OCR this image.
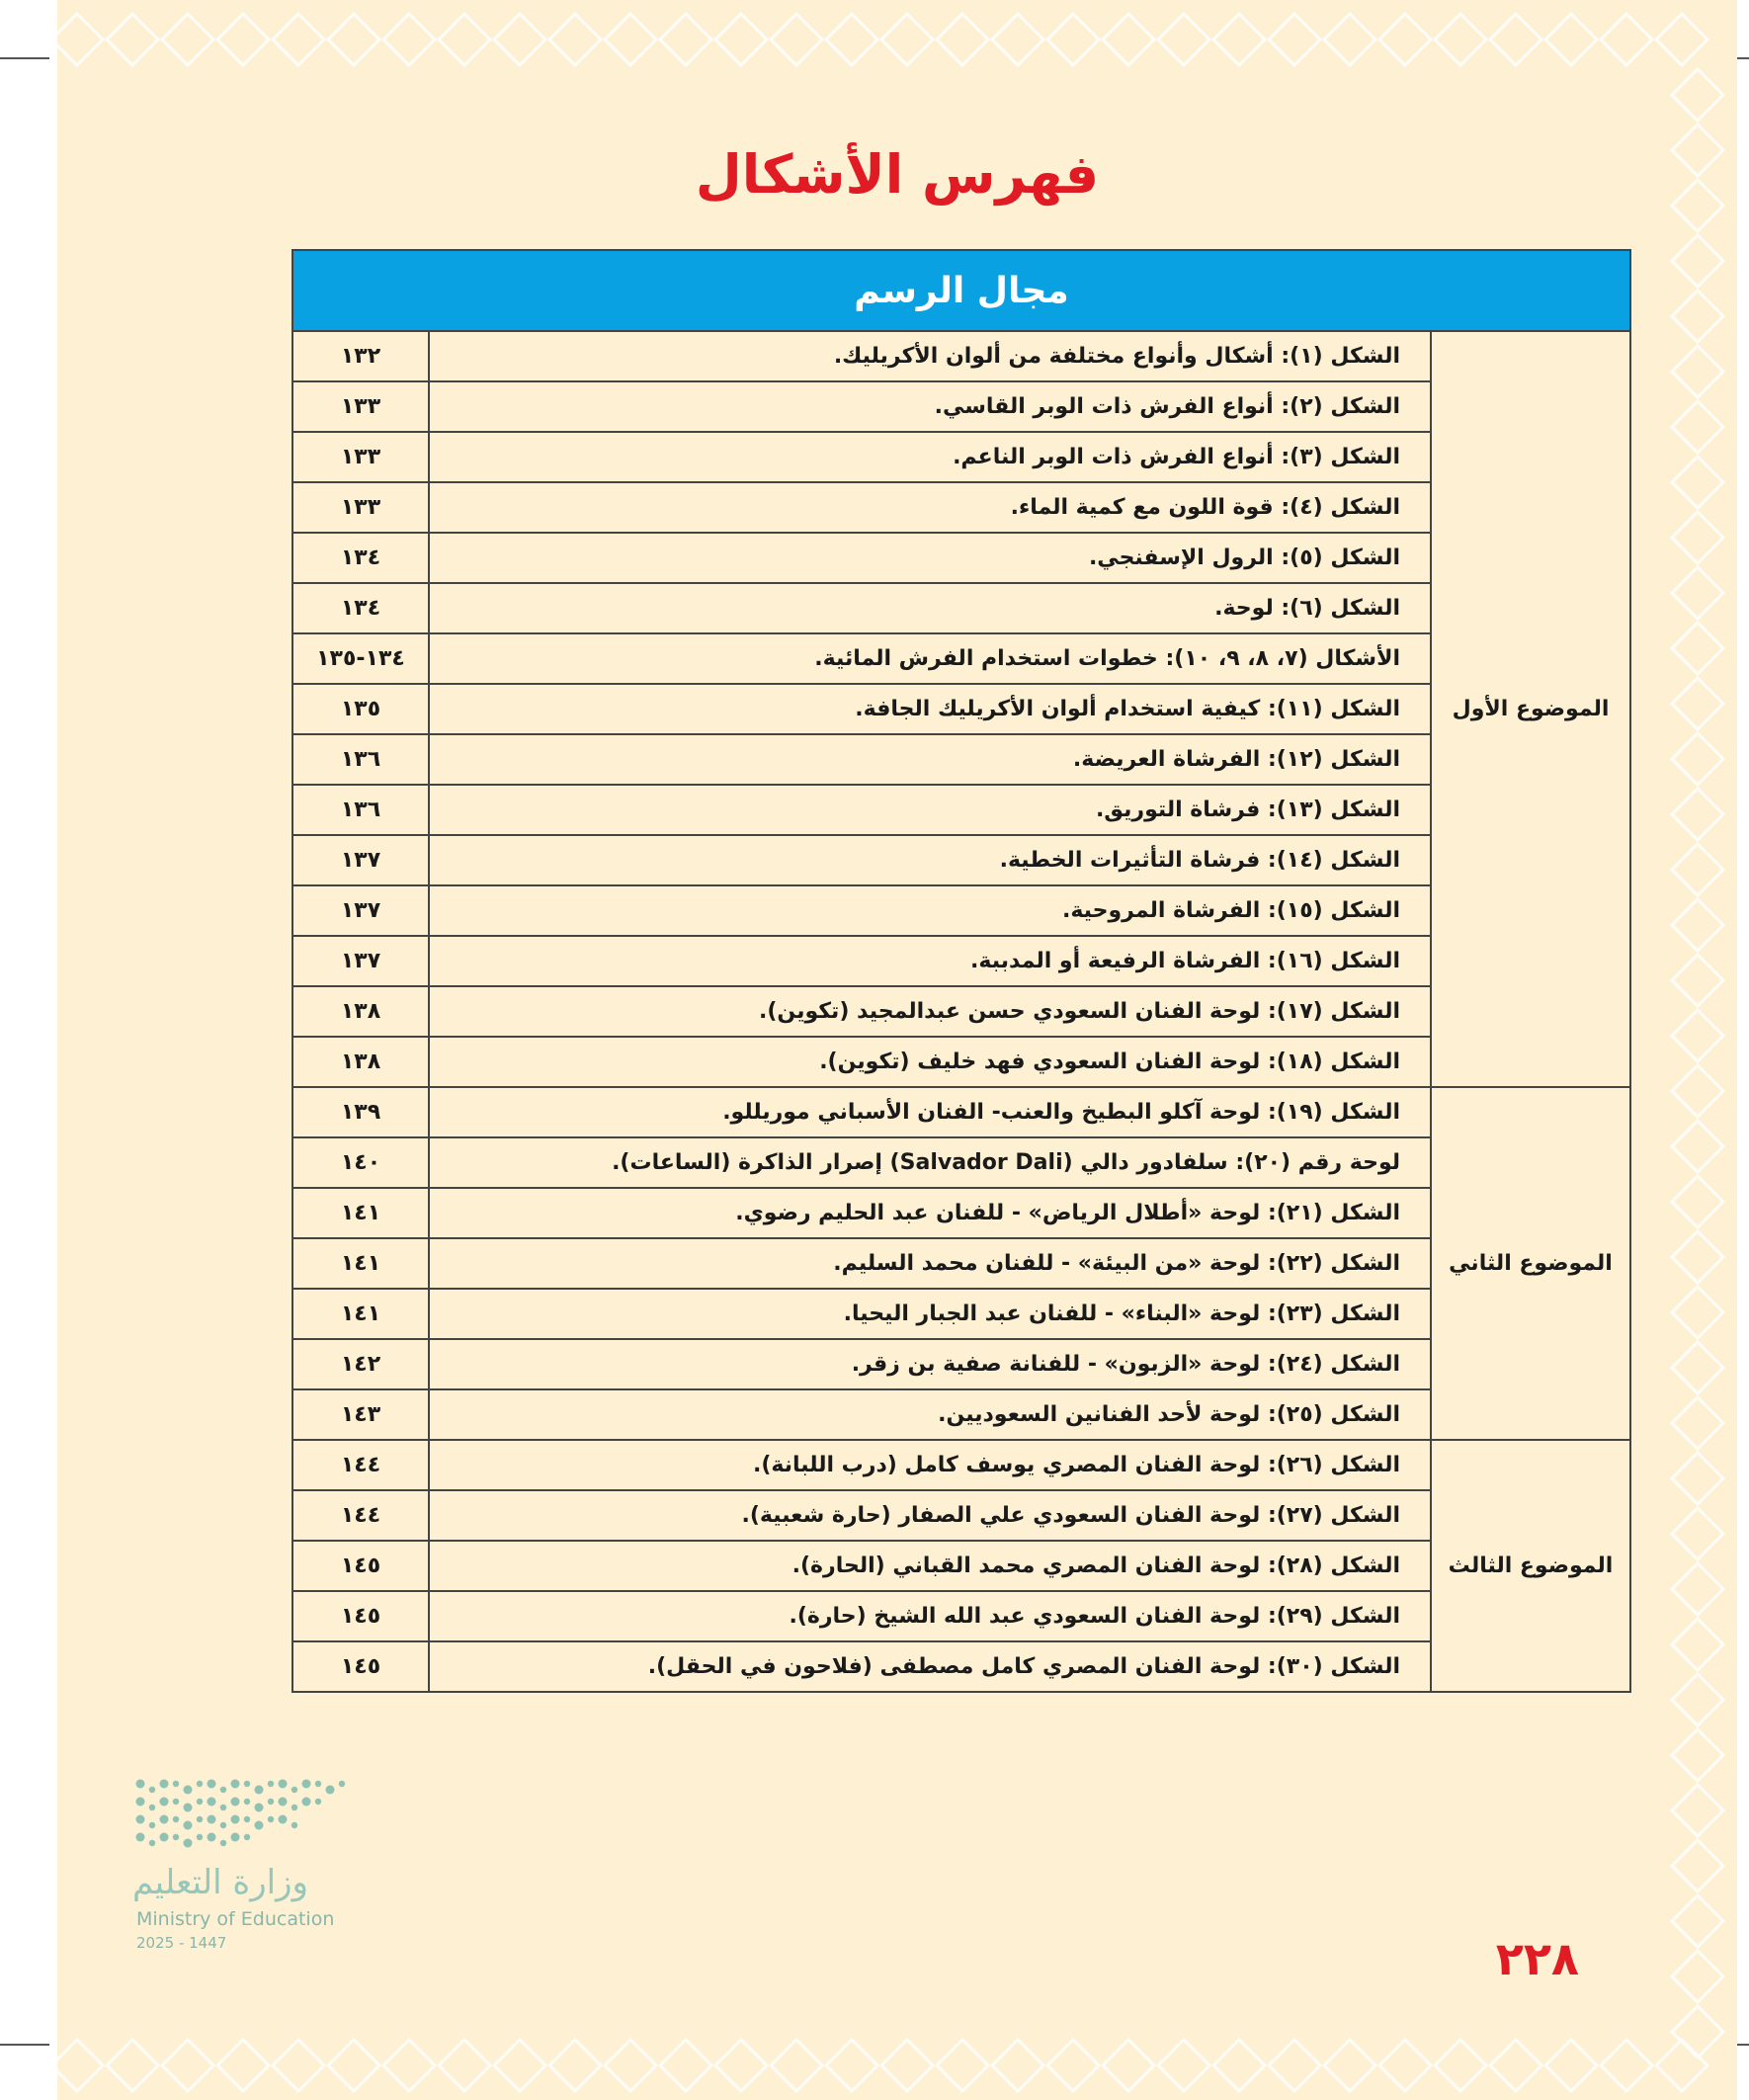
فهرس الأشكال
مجال الرسم		
الموضوع الأول	الشكل (١): أشكال وأنواع مختلفة من ألوان الأكريليك.	١٣٢
	الشكل (٢): أنواع الفرش ذات الوبر القاسي.	١٣٣
	الشكل (٣): أنواع الفرش ذات الوبر الناعم.	١٣٣
	الشكل (٤): قوة اللون مع كمية الماء.	١٣٣
	الشكل (٥): الرول الإسفنجي.	١٣٤
	الشكل (٦): لوحة.	١٣٤
	الأشكال (٧، ٨، ٩، ١٠): خطوات استخدام الفرش المائية.	١٣٤-١٣٥
	الشكل (١١): كيفية استخدام ألوان الأكريليك الجافة.	١٣٥
	الشكل (١٢): الفرشاة العريضة.	١٣٦
	الشكل (١٣): فرشاة التوريق.	١٣٦
	الشكل (١٤): فرشاة التأثيرات الخطية.	١٣٧
	الشكل (١٥): الفرشاة المروحية.	١٣٧
	الشكل (١٦): الفرشاة الرفيعة أو المدببة.	١٣٧
	الشكل (١٧): لوحة الفنان السعودي حسن عبدالمجيد (تكوين).	١٣٨
	الشكل (١٨): لوحة الفنان السعودي فهد خليف (تكوين).	١٣٨
الموضوع الثاني	الشكل (١٩): لوحة آكلو البطيخ والعنب- الفنان الأسباني موريللو.	١٣٩
	لوحة رقم (٢٠): سلفادور دالي (Salvador Dali) إصرار الذاكرة (الساعات).	١٤٠
	الشكل (٢١): لوحة «أطلال الرياض» - للفنان عبد الحليم رضوي.	١٤١
	الشكل (٢٢): لوحة «من البيئة» - للفنان محمد السليم.	١٤١
	الشكل (٢٣): لوحة «البناء» - للفنان عبد الجبار اليحيا.	١٤١
	الشكل (٢٤): لوحة «الزبون» - للفنانة صفية بن زقر.	١٤٢
	الشكل (٢٥): لوحة لأحد الفنانين السعوديين.	١٤٣
الموضوع الثالث	الشكل (٢٦): لوحة الفنان المصري يوسف كامل (درب اللبانة).	١٤٤
	الشكل (٢٧): لوحة الفنان السعودي علي الصفار (حارة شعبية).	١٤٤
	الشكل (٢٨): لوحة الفنان المصري محمد القباني (الحارة).	١٤٥
	الشكل (٢٩): لوحة الفنان السعودي عبد الله الشيخ (حارة).	١٤٥
	الشكل (٣٠): لوحة الفنان المصري كامل مصطفى (فلاحون في الحقل).	١٤٥
وزارة التعليم
Ministry of Education
2025 - 1447	٢٢٨
